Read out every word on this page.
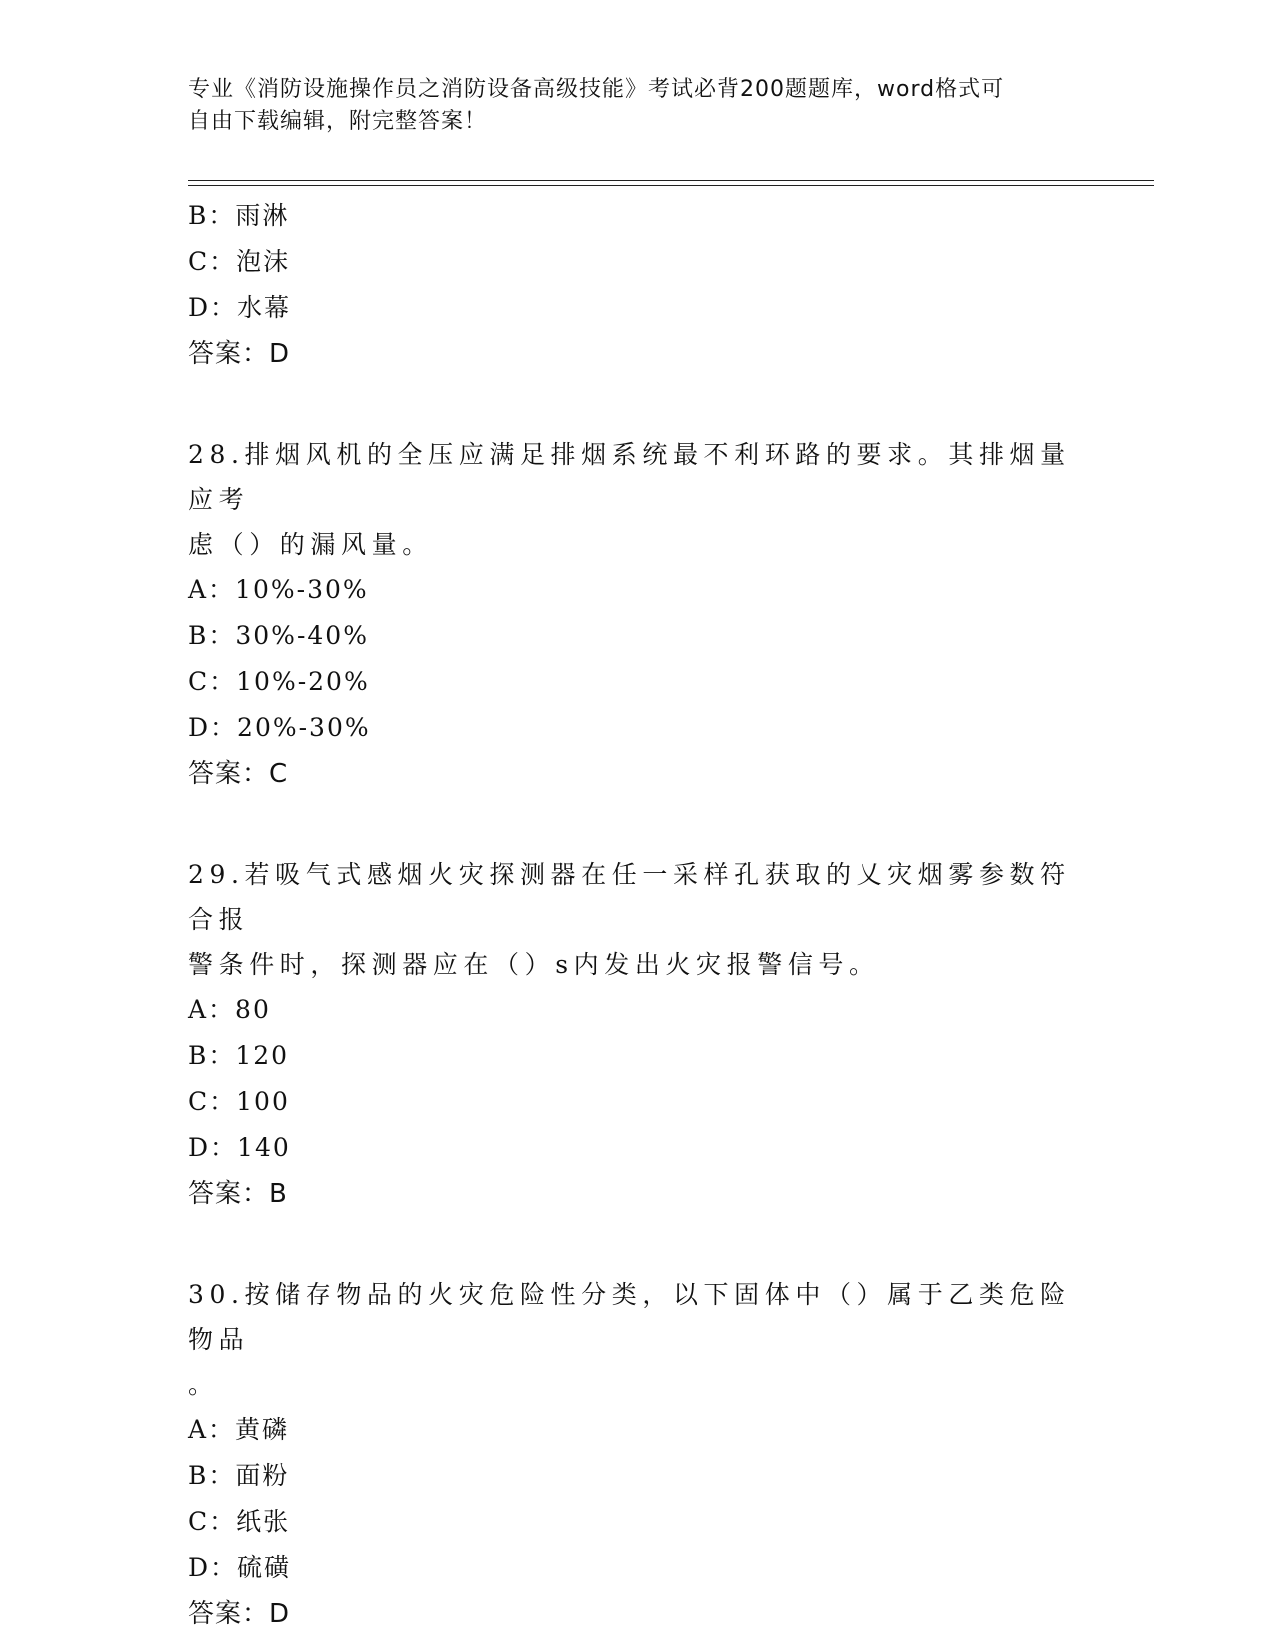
专业《消防设施操作员之消防设备高级技能》考试必背200题题库，word格式可
自由下载编辑，附完整答案！
B：雨淋
C：泡沫
D：水幕
答案：D
28.排烟风机的全压应满足排烟系统最不利环路的要求。其排烟量应考
虑（）的漏风量。
A：10%-30%
B：30%-40%
C：10%-20%
D：20%-30%
答案：C
29.若吸气式感烟火灾探测器在任一采样孔获取的乂灾烟雾参数符合报
警条件时，探测器应在（）s内发出火灾报警信号。
A：80
B：120
C：100
D：140
答案：B
30.按储存物品的火灾危险性分类，以下固体中（）属于乙类危险物品
。
A：黄磷
B：面粉
C：纸张
D：硫磺
答案：D
